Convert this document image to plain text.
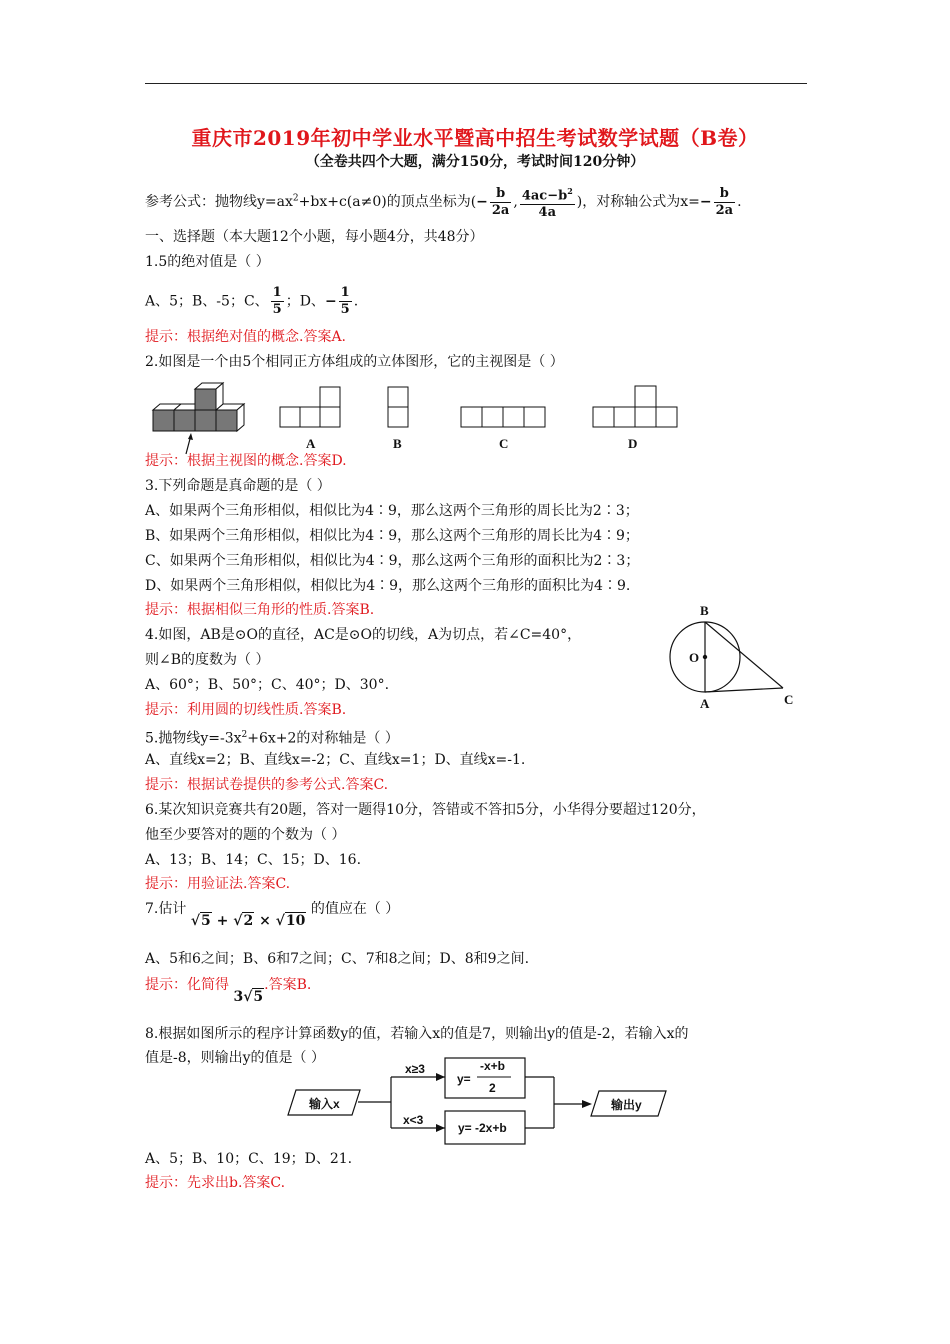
重庆市2019年初中学业水平暨高中招生考试数学试题（B卷）
（全卷共四个大题，满分150分，考试时间120分钟）
参考公式：抛物线$y=ax^2+bx+c(a\ne 0)$的顶点坐标为(− $\frac{b}{2a}$ , $\frac{4ac-b^2}{4a}$ )，对称轴公式为$x=- \frac{b}{2a}$ .
一、选择题（本大题12个小题，每小题4分，共48分）
1.5的绝对值是（ ）
A、5；B、-5；C、 $\frac{1}{5}$ ；D、− $\frac{1}{5}$ .
提示：根据绝对值的概念.答案A.
2.如图是一个由5个相同正方体组成的立体图形，它的主视图是（ ）
A	B	C	D
提示：根据主视图的概念.答案D.
3.下列命题是真命题的是（ ）
A、如果两个三角形相似，相似比为4∶9，那么这两个三角形的周长比为2∶3；
B、如果两个三角形相似，相似比为4∶9，那么这两个三角形的周长比为4∶9；
C、如果两个三角形相似，相似比为4∶9，那么这两个三角形的面积比为2∶3；
D、如果两个三角形相似，相似比为4∶9，那么这两个三角形的面积比为4∶9.
提示：根据相似三角形的性质.答案B.
4.如图，AB是⊙O的直径，AC是⊙O的切线，A为切点，若∠C=40°，
则∠B的度数为（ ）
A、60°；B、50°；C、40°；D、30°.
提示：利用圆的切线性质.答案B.
B
O
A	C
5.抛物线$y=-3x^2+6x+2$的对称轴是（ ）
A、直线x=2；B、直线x=-2；C、直线x=1；D、直线x=-1.
提示：根据试卷提供的参考公式.答案C.
6.某次知识竞赛共有20题，答对一题得10分，答错或不答扣5分，小华得分要超过120分，
他至少要答对的题的个数为（ ）
A、13；B、14；C、15；D、16.
提示：用验证法.答案C.
7.估计 √5 + √2 × √10 的值应在（ ）
A、5和6之间；B、6和7之间；C、7和8之间；D、8和9之间.
提示：化简得 3√5.答案B.
8.根据如图所示的程序计算函数y的值，若输入x的值是7，则输出y的值是-2，若输入x的
值是-8，则输出y的值是（ ）
输入x
x≥3
x<3
y=
-x+b
2
y= -2x+b
输出y
A、5；B、10；C、19；D、21.
提示：先求出b.答案C.
